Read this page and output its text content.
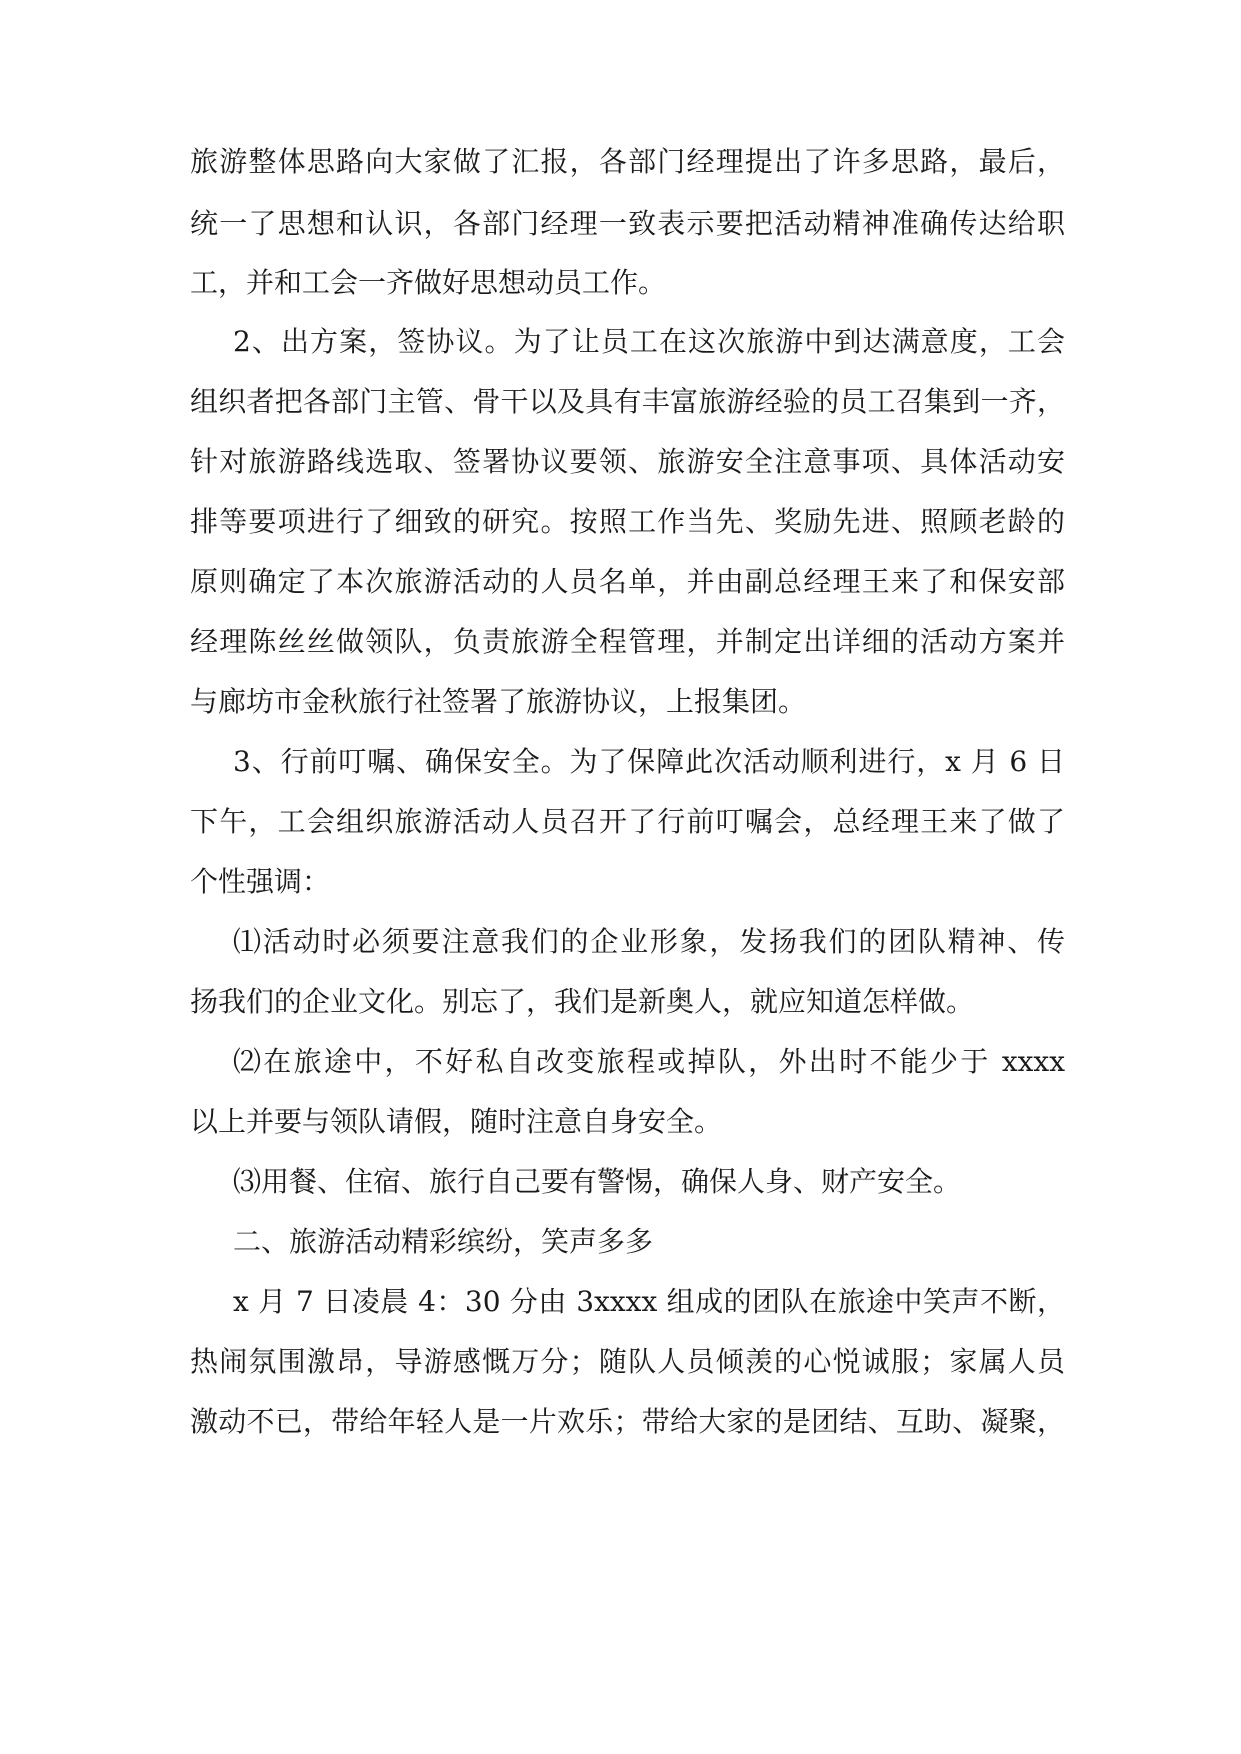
旅游整体思路向大家做了汇报，各部门经理提出了许多思路，最后，

统一了思想和认识，各部门经理一致表示要把活动精神准确传达给职

工，并和工会一齐做好思想动员工作。

2、出方案，签协议。为了让员工在这次旅游中到达满意度，工会

组织者把各部门主管、骨干以及具有丰富旅游经验的员工召集到一齐，

针对旅游路线选取、签署协议要领、旅游安全注意事项、具体活动安

排等要项进行了细致的研究。按照工作当先、奖励先进、照顾老龄的

原则确定了本次旅游活动的人员名单，并由副总经理王来了和保安部

经理陈丝丝做领队，负责旅游全程管理，并制定出详细的活动方案并

与廊坊市金秋旅行社签署了旅游协议，上报集团。

3、行前叮嘱、确保安全。为了保障此次活动顺利进行，x 月 6 日

下午，工会组织旅游活动人员召开了行前叮嘱会，总经理王来了做了

个性强调：

⑴活动时必须要注意我们的企业形象，发扬我们的团队精神、传

扬我们的企业文化。别忘了，我们是新奥人，就应知道怎样做。

⑵在旅途中，不好私自改变旅程或掉队，外出时不能少于 xxxx

以上并要与领队请假，随时注意自身安全。

⑶用餐、住宿、旅行自己要有警惕，确保人身、财产安全。

二、旅游活动精彩缤纷，笑声多多

x 月 7 日凌晨 4：30 分由 3xxxx 组成的团队在旅途中笑声不断，

热闹氛围激昂，导游感慨万分；随队人员倾羡的心悦诚服；家属人员

激动不已，带给年轻人是一片欢乐；带给大家的是团结、互助、凝聚，
